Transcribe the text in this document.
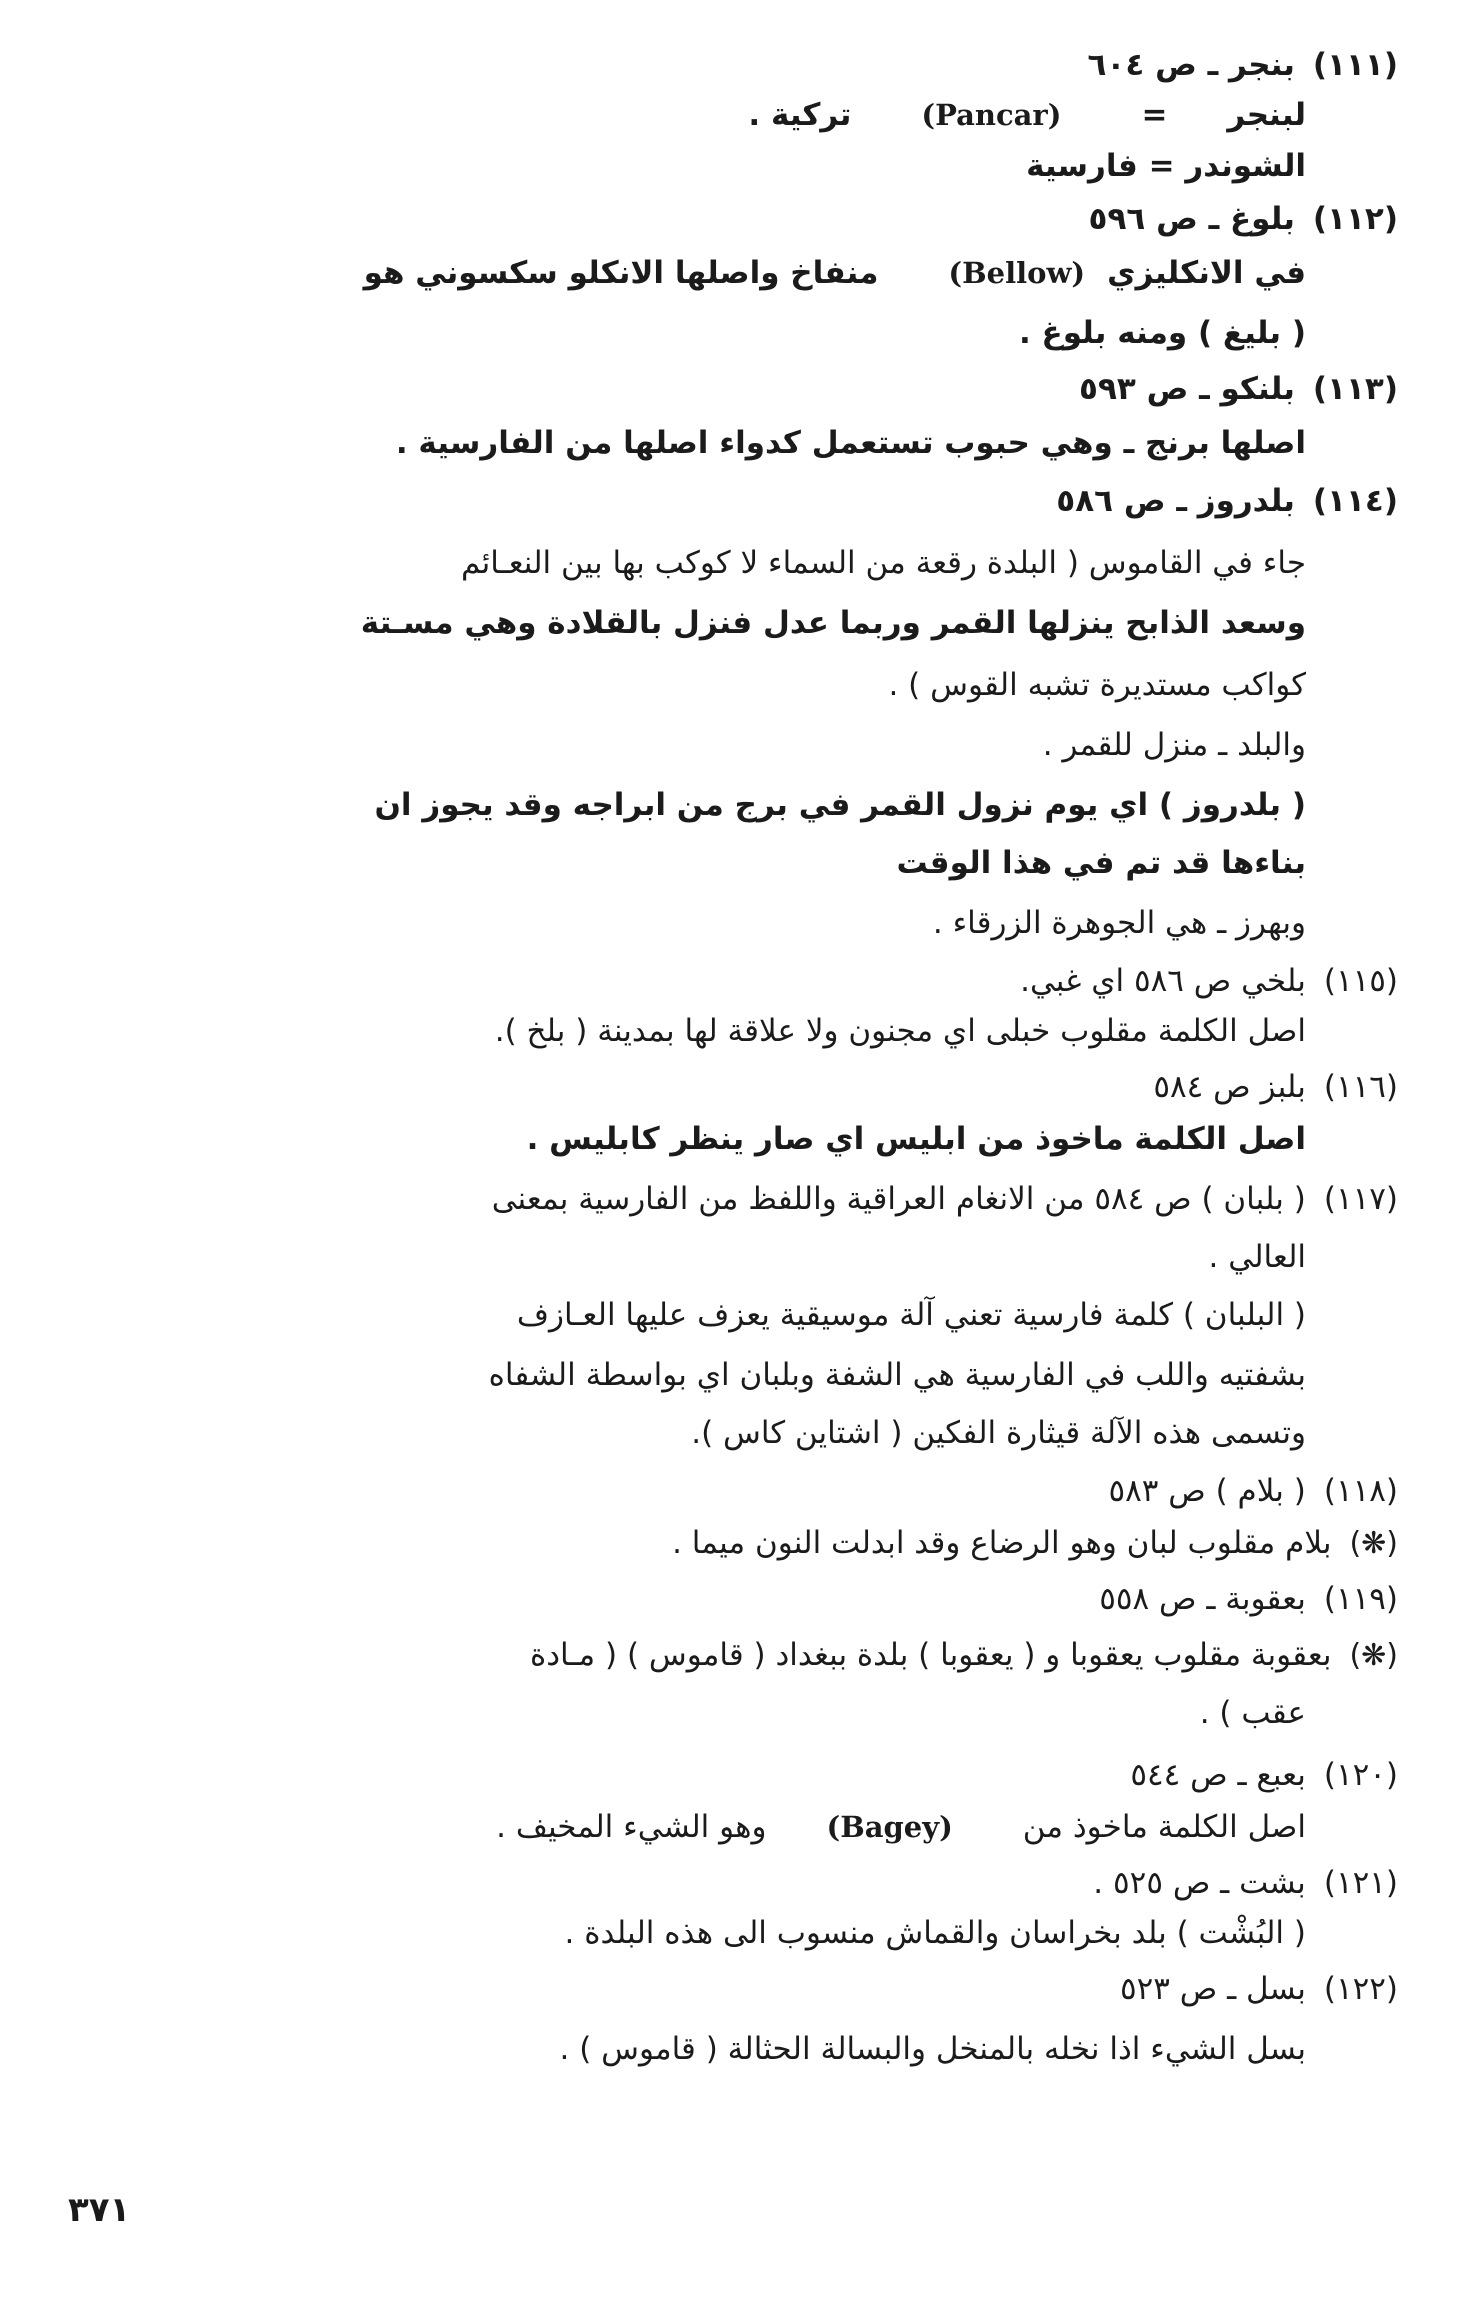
(١١١)بنجر ـ ص ٦٠٤
لبنجر=(Pancar)تركية .
الشوندر = فارسية
(١١٢)بلوغ ـ ص ٥٩٦
في الانكليزي(Bellow)منفاخ واصلها الانكلو سكسوني هو
( بليغ ) ومنه بلوغ .
(١١٣)بلنكو ـ ص ٥٩٣
اصلها برنج ـ وهي حبوب تستعمل كدواء اصلها من الفارسية .
(١١٤)بلدروز ـ ص ٥٨٦
جاء في القاموس ( البلدة رقعة من السماء لا كوكب بها بين النعـائم
وسعد الذابح ينزلها القمر وربما عدل فنزل بالقلادة وهي مسـتة
كواكب مستديرة تشبه القوس ) .
والبلد ـ منزل للقمر .
( بلدروز ) اي يوم نزول القمر في برج من ابراجه وقد يجوز ان
بناءها قد تم في هذا الوقت
وبهرز ـ هي الجوهرة الزرقاء .
(١١٥)بلخي ص ٥٨٦ اي غبي.
اصل الكلمة مقلوب خبلى اي مجنون ولا علاقة لها بمدينة ( بلخ ).
(١١٦)بلبز ص ٥٨٤
اصل الكلمة ماخوذ من ابليس اي صار ينظر كابليس .
(١١٧)( بلبان ) ص ٥٨٤ من الانغام العراقية واللفظ من الفارسية بمعنى
العالي .
( البلبان ) كلمة فارسية تعني آلة موسيقية يعزف عليها العـازف
بشفتيه واللب في الفارسية هي الشفة وبلبان اي بواسطة الشفاه
وتسمى هذه الآلة قيثارة الفكين ( اشتاين كاس ).
(١١٨)( بلام ) ص ٥٨٣
(❋)بلام مقلوب لبان وهو الرضاع وقد ابدلت النون ميما .
(١١٩)بعقوبة ـ ص ٥٥٨
(❋)بعقوبة مقلوب يعقوبا و ( يعقوبا ) بلدة ببغداد ( قاموس ) ( مـادة
عقب ) .
(١٢٠)بعبع ـ ص ٥٤٤
اصل الكلمة ماخوذ من(Bagey)وهو الشيء المخيف .
(١٢١)بشت ـ ص ٥٢٥ .
( البُشْت ) بلد بخراسان والقماش منسوب الى هذه البلدة .
(١٢٢)بسل ـ ص ٥٢٣
بسل الشيء اذا نخله بالمنخل والبسالة الحثالة ( قاموس ) .
٣٧١
